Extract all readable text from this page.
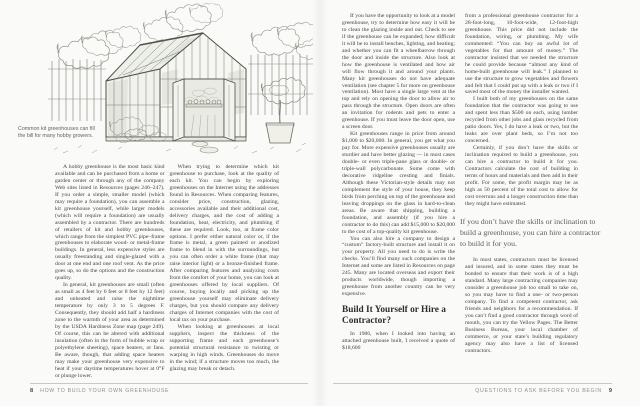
Common kit greenhouses can fill the bill for many hobby growers.

A hobby greenhouse is the most basic kind available and can be purchased from a home or garden center or through any of the company Web sites listed in Resources (pages 246–247). If you order a simple, smaller model (which may require a foundation), you can assemble a kit greenhouse yourself, while larger models (which will require a foundation) are usually assembled by a contractor. There are hundreds of retailers of kit and hobby greenhouses, which range from the simplest PVC pipe–frame greenhouses to elaborate wood- or metal-frame buildings. In general, less expensive styles are usually freestanding and single-glazed with a door at one end and one roof vent. As the price goes up, so do the options and the construction quality.

In general, kit greenhouses are small (often as small as 4 feet by 6 feet or 8 feet by 12 feet) and unheated and raise the nighttime temperature by only 3 to 5 degrees F. Consequently, they should add half a hardiness zone to the warmth of your area as determined by the USDA Hardiness Zone map (page 249). Of course, this can be altered with additional insulation (often in the form of bubble wrap or polyethylene sheeting), space heaters, or fans. Be aware, though, that adding space heaters may make your greenhouse very expensive to heat if your daytime temperatures hover at 0°F or plunge lower.

When trying to determine which kit greenhouse to purchase, look at the quality of each kit. You can begin by exploring greenhouses on the Internet using the addresses found in Resources. When comparing features, consider price, construction, glazing, accessories available and their additional cost, delivery charges, and the cost of adding a foundation, heat, electricity, and plumbing if these are required. Look, too, at frame color options. I prefer either natural color or, if the frame is metal, a green painted or anodized frame to blend in with the surroundings, but you can often order a white frame (that may raise interior light) or a bronze-finished frame. After comparing features and analyzing costs from the comfort of your home, you can look at greenhouses offered by local suppliers. Of course, buying locally and picking up the greenhouse yourself may eliminate delivery charges, but you should compare any delivery charges of Internet companies with the cost of local tax on your purchase.

When looking at greenhouses at local suppliers, inspect the thickness of the supporting frame and each greenhouse’s potential structural resistance to twisting or warping in high winds. Greenhouses do move in the wind; if a structure moves too much, the glazing may break or detach.

8 HOW TO BUILD YOUR OWN GREENHOUSE

If you have the opportunity to look at a model greenhouse, try to determine how easy it will be to clean the glazing inside and out. Check to see if the greenhouse can be expanded; how difficult it will be to install benches, lighting, and heating; and whether you can fit a wheelbarrow through the door and inside the structure. Also look at how the greenhouse is ventilated and how air will flow through it and around your plants. Many kit greenhouses do not have adequate ventilation (see chapter 5 for more on greenhouse ventilation). Most have a single large vent at the top and rely on opening the door to allow air to pass through the structure. Open doors are often an invitation for rodents and pets to enter a greenhouse. If you must leave the door open, use a screen door.

Kit greenhouses range in price from around $1,000 to $20,000. In general, you get what you pay for. More expensive greenhouses usually are sturdier and have better glazing — in most cases double- or even triple-pane glass or double- or triple-wall polycarbonate. Some come with decorative ridgeline cresting and finials. Although these Victorian-style details may not complement the style of your house, they keep birds from perching on top of the greenhouse and leaving droppings on the glass in hard-to-clean areas. Be aware that shipping, building a foundation, and assembly (if you hire a contractor to do this) can add $15,000 to $20,000 to the cost of a top-quality kit greenhouse.

You can also hire a company to design a “custom” factory-built structure and install it on your property. All you need to do is write the checks. You’ll find many such companies on the Internet and some are listed in Resources on page 245. Many are located overseas and export their products worldwide, though importing a greenhouse from another country can be very expensive.

Build It Yourself or Hire a Contractor?

In 1986, when I looked into having an attached greenhouse built, I received a quote of $18,600

from a professional greenhouse contractor for a 28-foot-long, 10-foot-wide, 12-foot-high greenhouse. This price did not include the foundation, wiring, or plumbing. My wife commented: “You can buy an awful lot of vegetables for that amount of money.” The contractor insisted that we needed the structure he could provide because “almost any kind of home-built greenhouse will leak.” I planned to use the structure to grow vegetables and flowers and felt that I could put up with a leak or two if I saved most of the money the installer wanted.

I built both of my greenhouses on the same foundation that the contractor was going to use and spent less than $500 on each, using lumber recycled from other jobs and glass recycled from patio doors. Yes, I do have a leak or two, but the leaks are over plant beds, so I’m not too concerned.

Certainly, if you don’t have the skills or inclination required to build a greenhouse, you can hire a contractor to build it for you. Contractors calculate the cost of building in terms of hours and materials and then add in their profit. For some, the profit margin may be as high as 50 percent of the total cost to allow for cost overruns and a longer construction time than they might have estimated.

If you don’t have the skills or inclination to build a greenhouse, you can hire a contractor to build it for you.

In most states, contractors must be licensed and insured, and in some states they must be bonded to ensure that their work is of a high standard. Many large contracting companies may consider a greenhouse job too small to take on, so you may have to find a one- or two-person company. To find a competent contractor, ask friends and neighbors for a recommendation. If you can’t find a good contractor through word of mouth, you can try the Yellow Pages. The Better Business Bureau, your local chamber of commerce, or your state’s building regulatory agency may also have a list of licensed contractors.

QUESTIONS TO ASK BEFORE YOU BEGIN 9
